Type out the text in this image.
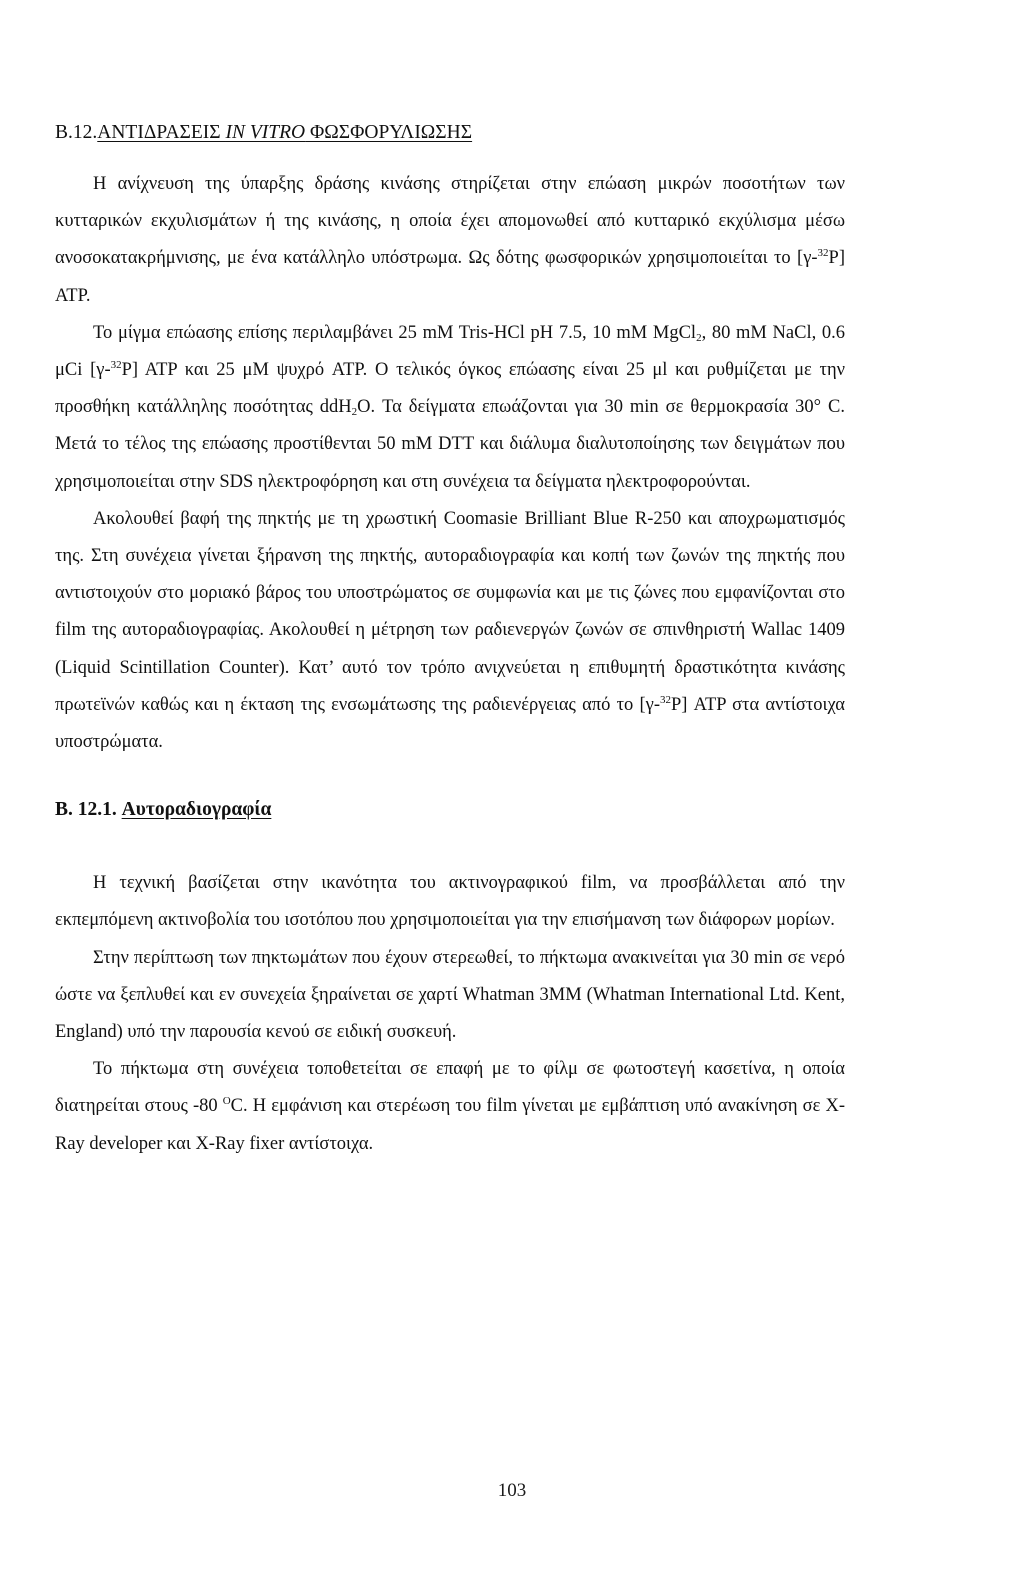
B.12.ΑΝΤΙΔΡΑΣΕΙΣ IN VITRO ΦΩΣΦΟΡΥΛΙΩΣΗΣ

Η ανίχνευση της ύπαρξης δράσης κινάσης στηρίζεται στην επώαση μικρών ποσοτήτων των κυτταρικών εκχυλισμάτων ή της κινάσης, η οποία έχει απομονωθεί από κυτταρικό εκχύλισμα μέσω ανοσοκατακρήμνισης, με ένα κατάλληλο υπόστρωμα. Ως δότης φωσφορικών χρησιμοποιείται το [γ-$^{32}$P] ATP.

Το μίγμα επώασης επίσης περιλαμβάνει 25 mM Tris-HCl pH 7.5, 10 mM MgCl$_2$, 80 mM NaCl, 0.6 μCi [γ-$^{32}$P] ATP και 25 μM ψυχρό ATP. Ο τελικός όγκος επώασης είναι 25 μl και ρυθμίζεται με την προσθήκη κατάλληλης ποσότητας ddH$_2$O. Τα δείγματα επωάζονται για 30 min σε θερμοκρασία 30° C. Μετά το τέλος της επώασης προστίθενται 50 mM DTT και διάλυμα διαλυτοποίησης των δειγμάτων που χρησιμοποιείται στην SDS ηλεκτροφόρηση και στη συνέχεια τα δείγματα ηλεκτροφορούνται.

Ακολουθεί βαφή της πηκτής με τη χρωστική Coomasie Brilliant Blue R-250 και αποχρωματισμός της. Στη συνέχεια γίνεται ξήρανση της πηκτής, αυτοραδιογραφία και κοπή των ζωνών της πηκτής που αντιστοιχούν στο μοριακό βάρος του υποστρώματος σε συμφωνία και με τις ζώνες που εμφανίζονται στο film της αυτοραδιογραφίας. Ακολουθεί η μέτρηση των ραδιενεργών ζωνών σε σπινθηριστή Wallac 1409 (Liquid Scintillation Counter). Κατ’ αυτό τον τρόπο ανιχνεύεται η επιθυμητή δραστικότητα κινάσης πρωτεϊνών καθώς και η έκταση της ενσωμάτωσης της ραδιενέργειας από το [γ-$^{32}$P] ATP στα αντίστοιχα υποστρώματα.

B. 12.1. Αυτοραδιογραφία

Η τεχνική βασίζεται στην ικανότητα του ακτινογραφικού film, να προσβάλλεται από την εκπεμπόμενη ακτινοβολία του ισοτόπου που χρησιμοποιείται για την επισήμανση των διάφορων μορίων.

Στην περίπτωση των πηκτωμάτων που έχουν στερεωθεί, το πήκτωμα ανακινείται για 30 min σε νερό ώστε να ξεπλυθεί και εν συνεχεία ξηραίνεται σε χαρτί Whatman 3MM (Whatman International Ltd. Kent, England) υπό την παρουσία κενού σε ειδική συσκευή.

Το πήκτωμα στη συνέχεια τοποθετείται σε επαφή με το φίλμ σε φωτοστεγή κασετίνα, η οποία διατηρείται στους -80 $^O$C. Η εμφάνιση και στερέωση του film γίνεται με εμβάπτιση υπό ανακίνηση σε X-Ray developer και X-Ray fixer αντίστοιχα.

103
